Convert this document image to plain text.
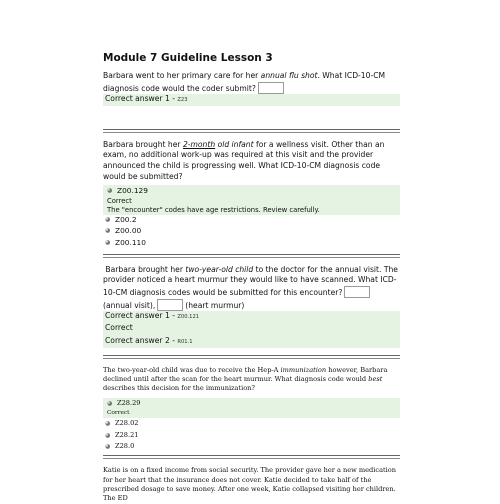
Module 7 Guideline Lesson 3

Barbara went to her primary care for her annual flu shot. What ICD-10-CM diagnosis code would the coder submit?

Correct answer 1 - Z23

Barbara brought her 2-month old infant for a wellness visit. Other than an exam, no additional work-up was required at this visit and the provider announced the child is progressing well. What ICD-10-CM diagnosis code would be submitted?

◕ Z00.129
Correct
The "encounter" codes have age restrictions. Review carefully.
◕ Z00.2
◕ Z00.00
◕ Z00.110

Barbara brought her two-year-old child to the doctor for the annual visit. The provider noticed a heart murmur they would like to have scanned. What ICD-10-CM diagnosis codes would be submitted for this encounter?(annual visit),	(heart murmur)

Correct answer 1 - Z00.121
Correct
Correct answer 2 - R01.1

The two-year-old child was due to receive the Hep-A immunization however, Barbara declined until after the scan for the heart murmur. What diagnosis code would best describes this decision for the immunization?

◕ Z28.29
Correct
◕ Z28.02
◕ Z28.21
◕ Z28.0

Katie is on a fixed income from social security. The provider gave her a new medication for her heart that the insurance does not cover. Katie decided to take half of the prescribed dosage to save money. After one week, Katie collapsed visiting her children. The ED
